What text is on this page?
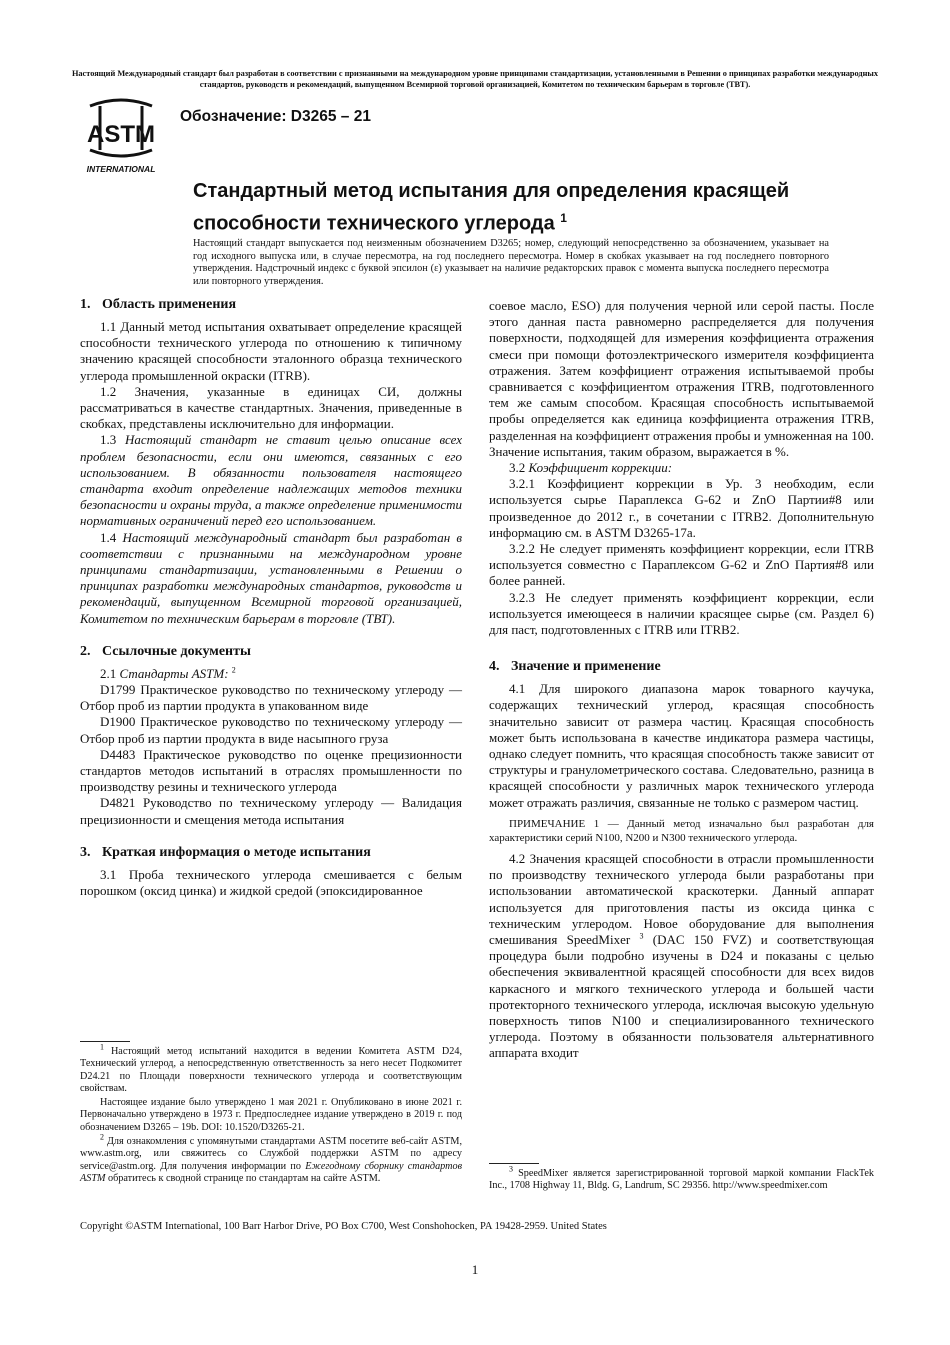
Настоящий Международный стандарт был разработан в соответствии с признанными на международном уровне принципами стандартизации, установленными в Решении о принципах разработки международных стандартов, руководств и рекомендаций, выпущенном Всемирной торговой организацией, Комитетом по техническим барьерам в торговле (ТВТ).
ASTM
INTERNATIONAL
Обозначение: D3265 – 21
Стандартный метод испытания для определения красящей способности технического углерода $^1$
Настоящий стандарт выпускается под неизменным обозначением D3265; номер, следующий непосредственно за обозначением, указывает на год исходного выпуска или, в случае пересмотра, на год последнего пересмотра. Номер в скобках указывает на год последнего повторного утверждения. Надстрочный индекс с буквой эпсилон (ε) указывает на наличие редакторских правок с момента выпуска последнего пересмотра или повторного утверждения.
1. Область применения

1.1 Данный метод испытания охватывает определение красящей способности технического углерода по отношению к типичному значению красящей способности эталонного образца технического углерода промышленной окраски (ITRB).

1.2 Значения, указанные в единицах СИ, должны рассматриваться в качестве стандартных. Значения, приведенные в скобках, представлены исключительно для информации.

1.3 Настоящий стандарт не ставит целью описание всех проблем безопасности, если они имеются, связанных с его использованием. В обязанности пользователя настоящего стандарта входит определение надлежащих методов техники безопасности и охраны труда, а также определение применимости нормативных ограничений перед его использованием.

1.4 Настоящий международный стандарт был разработан в соответствии с признанными на международном уровне принципами стандартизации, установленными в Решении о принципах разработки международных стандартов, руководств и рекомендаций, выпущенном Всемирной торговой организацией, Комитетом по техническим барьерам в торговле (ТВТ).

2. Ссылочные документы

2.1 Стандарты ASTM: $^2$

D1799 Практическое руководство по техническому углероду — Отбор проб из партии продукта в упакованном виде

D1900 Практическое руководство по техническому углероду — Отбор проб из партии продукта в виде насыпного груза

D4483 Практическое руководство по оценке прецизионности стандартов методов испытаний в отраслях промышленности по производству резины и технического углерода

D4821 Руководство по техническому углероду — Валидация прецизионности и смещения метода испытания

3. Краткая информация о методе испытания

3.1 Проба технического углерода смешивается с белым порошком (оксид цинка) и жидкой средой (эпоксидированное

$^1$ Настоящий метод испытаний находится в ведении Комитета ASTM D24, Технический углерод, а непосредственную ответственность за него несет Подкомитет D24.21 по Площади поверхности технического углерода и соответствующим свойствам.

Настоящее издание было утверждено 1 мая 2021 г. Опубликовано в июне 2021 г. Первоначально утверждено в 1973 г. Предпоследнее издание утверждено в 2019 г. под обозначением D3265 – 19b. DOI: 10.1520/D3265-21.

$^2$ Для ознакомления с упомянутыми стандартами ASTM посетите веб-сайт ASTM, www.astm.org, или свяжитесь со Службой поддержки ASTM по адресу service@astm.org. Для получения информации по Ежегодному сборнику стандартов ASTM обратитесь к сводной странице по стандартам на сайте ASTM.

соевое масло, ESO) для получения черной или серой пасты. После этого данная паста равномерно распределяется для получения поверхности, подходящей для измерения коэффициента отражения смеси при помощи фотоэлектрического измерителя коэффициента отражения. Затем коэффициент отражения испытываемой пробы сравнивается с коэффициентом отражения ITRB, подготовленного тем же самым способом. Красящая способность испытываемой пробы определяется как единица коэффициента отражения ITRB, разделенная на коэффициент отражения пробы и умноженная на 100. Значение испытания, таким образом, выражается в %.

3.2 Коэффициент коррекции:

3.2.1 Коэффициент коррекции в Ур. 3 необходим, если используется сырье Параплекса G-62 и ZnO Партии#8 или произведенное до 2012 г., в сочетании с ITRB2. Дополнительную информацию см. в ASTM D3265-17a.

3.2.2 Не следует применять коэффициент коррекции, если ITRB используется совместно с Параплексом G-62 и ZnO Партия#8 или более ранней.

3.2.3 Не следует применять коэффициент коррекции, если используется имеющееся в наличии красящее сырье (см. Раздел 6) для паст, подготовленных с ITRB или ITRB2.

4. Значение и применение

4.1 Для широкого диапазона марок товарного каучука, содержащих технический углерод, красящая способность значительно зависит от размера частиц. Красящая способность может быть использована в качестве индикатора размера частицы, однако следует помнить, что красящая способность также зависит от структуры и гранулометрического состава. Следовательно, разница в красящей способности у различных марок технического углерода может отражать различия, связанные не только с размером частиц.

ПРИМЕЧАНИЕ 1 — Данный метод изначально был разработан для характеристики серий N100, N200 и N300 технического углерода.

4.2 Значения красящей способности в отрасли промышленности по производству технического углерода были разработаны при использовании автоматической краскотерки. Данный аппарат используется для приготовления пасты из оксида цинка с техническим углеродом. Новое оборудование для выполнения смешивания SpeedMixer $^3$ (DAC 150 FVZ) и соответствующая процедура были подробно изучены в D24 и показаны с целью обеспечения эквивалентной красящей способности для всех видов каркасного и мягкого технического углерода и большей части протекторного технического углерода, исключая высокую удельную поверхность типов N100 и специализированного технического углерода. Поэтому в обязанности пользователя альтернативного аппарата входит

$^3$ SpeedMixer является зарегистрированной торговой маркой компании FlackTek Inc., 1708 Highway 11, Bldg. G, Landrum, SC 29356. http://www.speedmixer.com

Copyright ©ASTM International, 100 Barr Harbor Drive, PO Box C700, West Conshohocken, PA 19428-2959. United States
1
